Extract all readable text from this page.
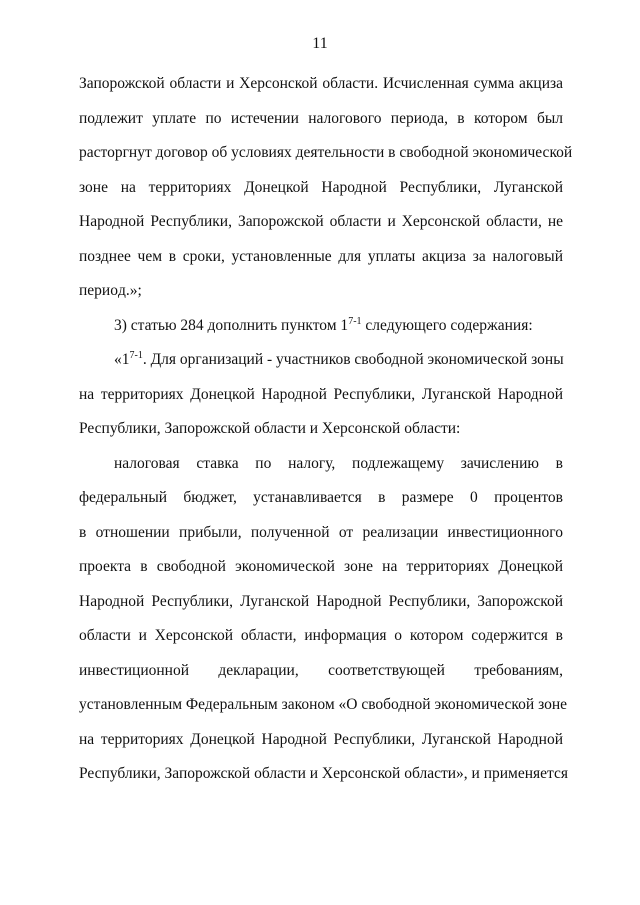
11
Запорожской области и Херсонской области. Исчисленная сумма акциза
подлежит уплате по истечении налогового периода, в котором был
расторгнут договор об условиях деятельности в свободной экономической
зоне на территориях Донецкой Народной Республики, Луганской
Народной Республики, Запорожской области и Херсонской области, не
позднее чем в сроки, установленные для уплаты акциза за налоговый
периoд.»;
3) статью 284 дополнить пунктом 1$^{7-1}$ следующего содержания:
«1$^{7-1}$. Для организаций - участников свободной экономической зоны
на территориях Донецкой Народной Республики, Луганской Народной
Республики, Запорожской области и Херсонской области:
налоговая ставка по налогу, подлежащему зачислению в
федеральный бюджет, устанавливается в размере 0 процентов
в отношении прибыли, полученной от реализации инвестиционного
проекта в свободной экономической зоне на территориях Донецкой
Народной Республики, Луганской Народной Республики, Запорожской
области и Херсонской области, информация о котором содержится в
инвестиционной декларации, соответствующей требованиям,
установленным Федеральным законом «О свободной экономической зоне
на территориях Донецкой Народной Республики, Луганской Народной
Республики, Запорожской области и Херсонской области», и применяется
